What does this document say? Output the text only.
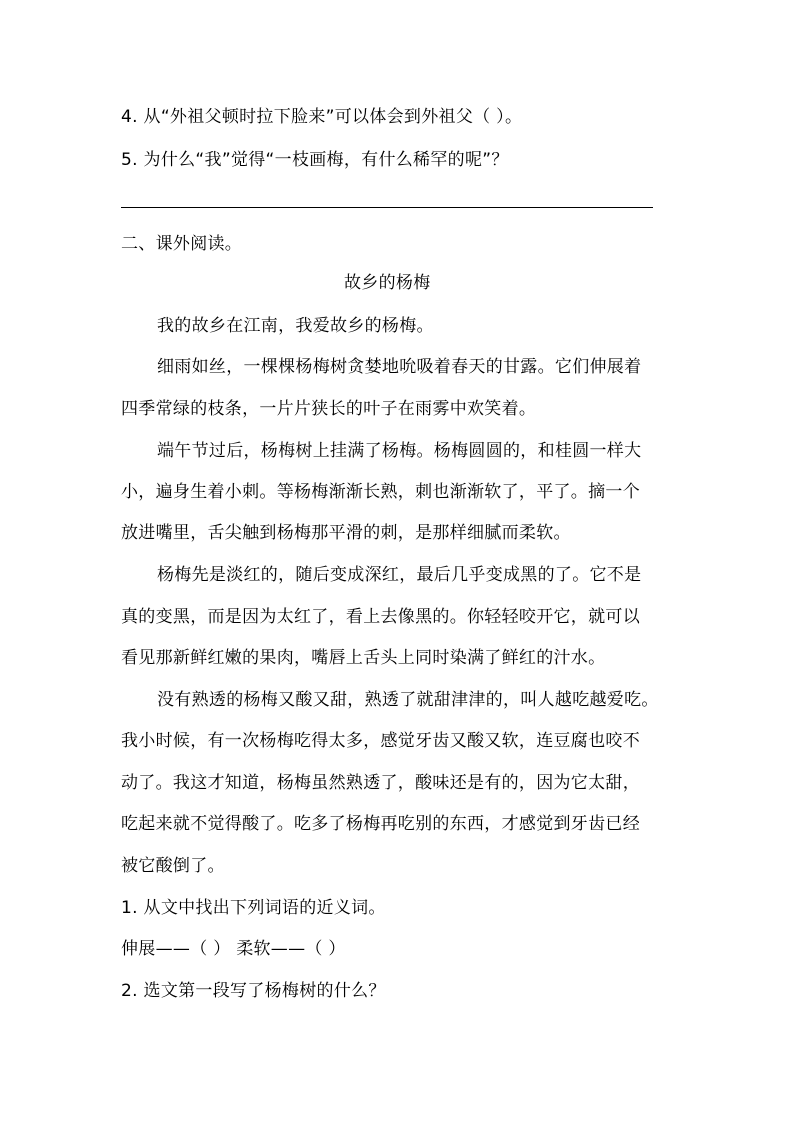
4. 从“外祖父顿时拉下脸来”可以体会到外祖父（ ）。
5. 为什么“我”觉得“一枝画梅，有什么稀罕的呢”？
二、课外阅读。
故乡的杨梅
我的故乡在江南，我爱故乡的杨梅。
细雨如丝，一棵棵杨梅树贪婪地吮吸着春天的甘露。它们伸展着
四季常绿的枝条，一片片狭长的叶子在雨雾中欢笑着。
端午节过后，杨梅树上挂满了杨梅。杨梅圆圆的，和桂圆一样大
小，遍身生着小刺。等杨梅渐渐长熟，刺也渐渐软了，平了。摘一个
放进嘴里，舌尖触到杨梅那平滑的刺，是那样细腻而柔软。
杨梅先是淡红的，随后变成深红，最后几乎变成黑的了。它不是
真的变黑，而是因为太红了，看上去像黑的。你轻轻咬开它，就可以
看见那新鲜红嫩的果肉，嘴唇上舌头上同时染满了鲜红的汁水。
没有熟透的杨梅又酸又甜，熟透了就甜津津的，叫人越吃越爱吃。
我小时候，有一次杨梅吃得太多，感觉牙齿又酸又软，连豆腐也咬不
动了。我这才知道，杨梅虽然熟透了，酸味还是有的，因为它太甜，
吃起来就不觉得酸了。吃多了杨梅再吃别的东西，才感觉到牙齿已经
被它酸倒了。
1. 从文中找出下列词语的近义词。
伸展——（ ） 柔软——（ ）
2. 选文第一段写了杨梅树的什么？
